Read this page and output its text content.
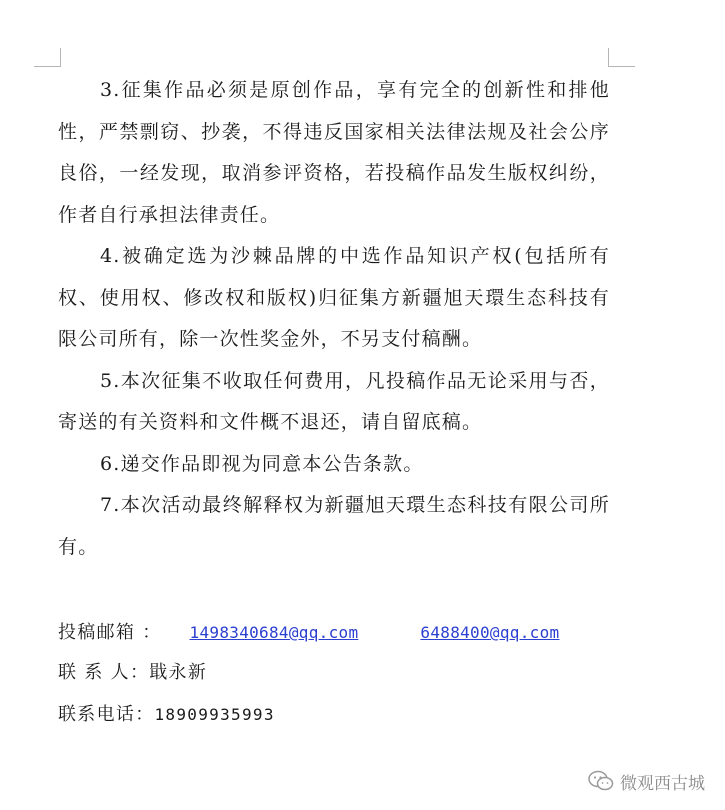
3.征集作品必须是原创作品，享有完全的创新性和排他性，严禁剽窃、抄袭，不得违反国家相关法律法规及社会公序良俗，一经发现，取消参评资格，若投稿作品发生版权纠纷，作者自行承担法律责任。

4.被确定选为沙棘品牌的中选作品知识产权(包括所有权、使用权、修改权和版权)归征集方新疆旭天環生态科技有限公司所有，除一次性奖金外，不另支付稿酬。

5.本次征集不收取任何费用，凡投稿作品无论采用与否，寄送的有关资料和文件概不退还，请自留底稿。

6.递交作品即视为同意本公告条款。

7.本次活动最终解释权为新疆旭天環生态科技有限公司所有。

投稿邮箱 ： 1498340684@qq.com	6488400@qq.com
联 系 人：戢永新
联系电话：18909935993
微观西古城
